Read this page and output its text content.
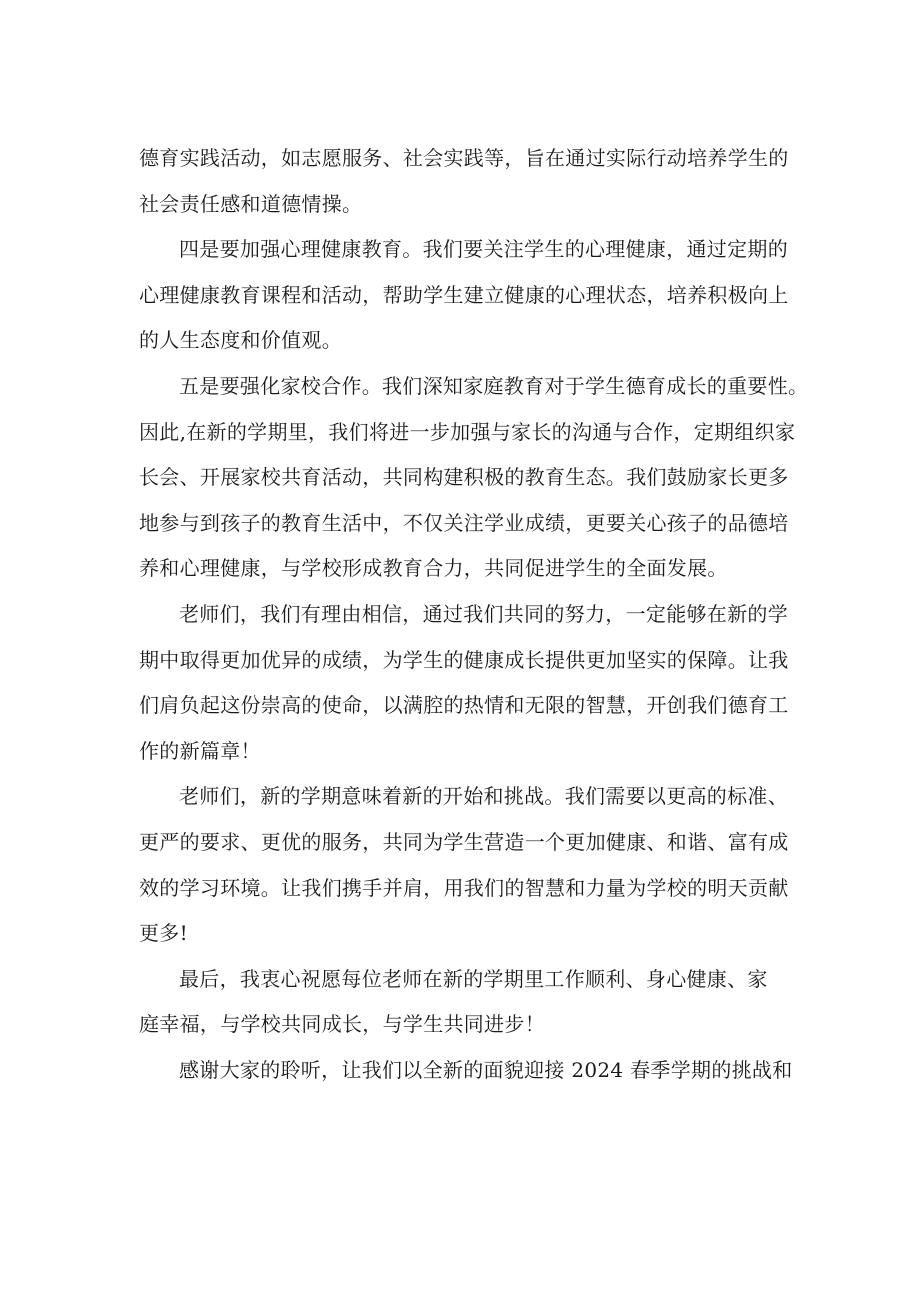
德育实践活动，如志愿服务、社会实践等，旨在通过实际行动培养学生的
社会责任感和道德情操。

四是要加强心理健康教育。我们要关注学生的心理健康，通过定期的
心理健康教育课程和活动，帮助学生建立健康的心理状态，培养积极向上
的人生态度和价值观。

五是要强化家校合作。我们深知家庭教育对于学生德育成长的重要性。
因此,在新的学期里，我们将进一步加强与家长的沟通与合作，定期组织家
长会、开展家校共育活动，共同构建积极的教育生态。我们鼓励家长更多
地参与到孩子的教育生活中，不仅关注学业成绩，更要关心孩子的品德培
养和心理健康，与学校形成教育合力，共同促进学生的全面发展。

老师们，我们有理由相信，通过我们共同的努力，一定能够在新的学
期中取得更加优异的成绩，为学生的健康成长提供更加坚实的保障。让我
们肩负起这份崇高的使命，以满腔的热情和无限的智慧，开创我们德育工
作的新篇章！

老师们，新的学期意味着新的开始和挑战。我们需要以更高的标准、
更严的要求、更优的服务，共同为学生营造一个更加健康、和谐、富有成
效的学习环境。让我们携手并肩，用我们的智慧和力量为学校的明天贡献
更多!

最后，我衷心祝愿每位老师在新的学期里工作顺利、身心健康、家
庭幸福，与学校共同成长，与学生共同进步！

感谢大家的聆听，让我们以全新的面貌迎接 2024 春季学期的挑战和
